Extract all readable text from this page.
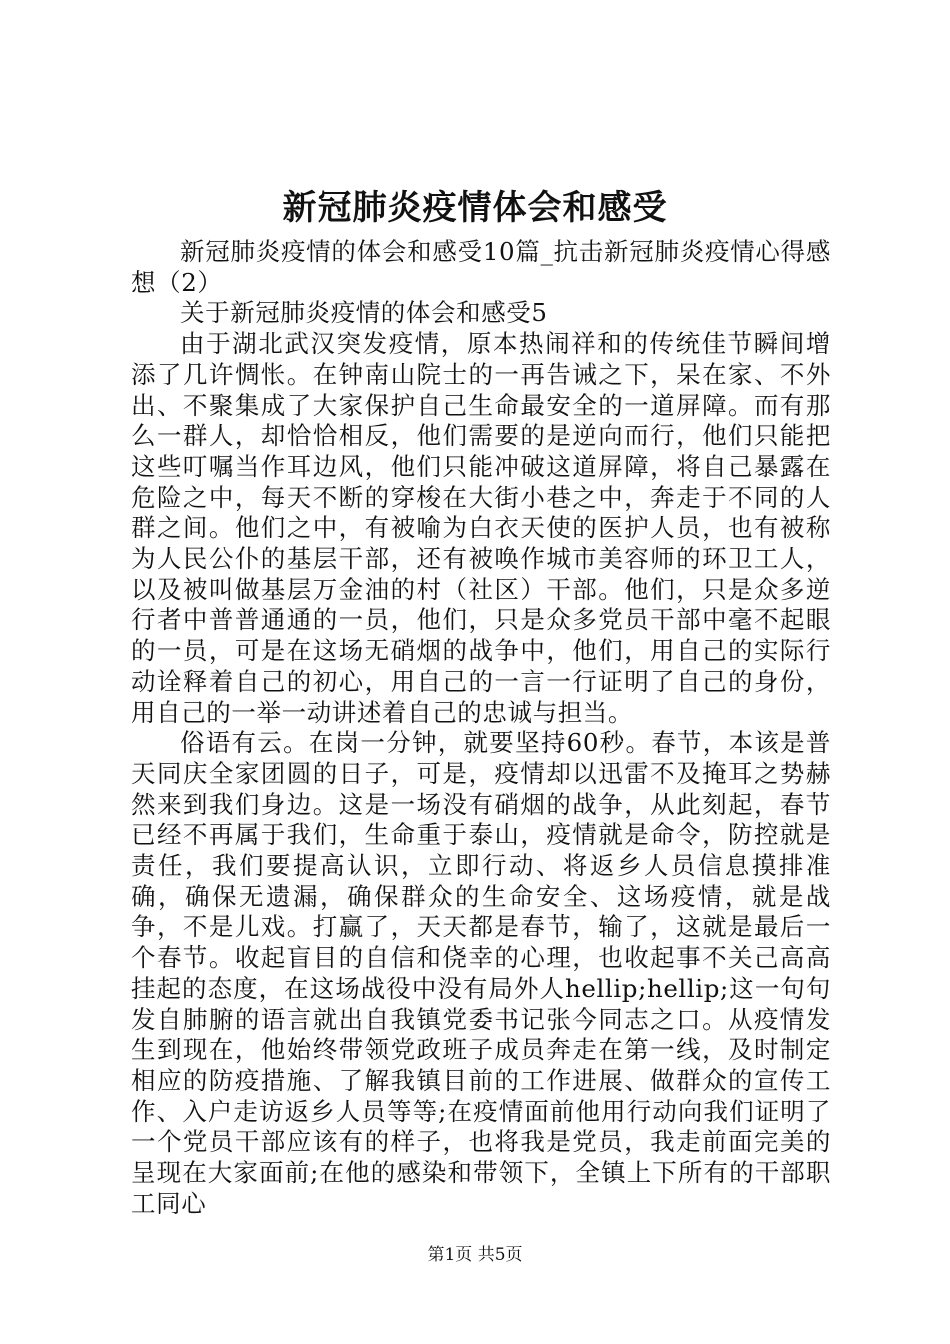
新冠肺炎疫情体会和感受

新冠肺炎疫情的体会和感受10篇_抗击新冠肺炎疫情心得感想（2）

关于新冠肺炎疫情的体会和感受5

由于湖北武汉突发疫情，原本热闹祥和的传统佳节瞬间增添了几许惆怅。在钟南山院士的一再告诫之下，呆在家、不外出、不聚集成了大家保护自己生命最安全的一道屏障。而有那么一群人，却恰恰相反，他们需要的是逆向而行，他们只能把这些叮嘱当作耳边风，他们只能冲破这道屏障，将自己暴露在危险之中，每天不断的穿梭在大街小巷之中，奔走于不同的人群之间。他们之中，有被喻为白衣天使的医护人员，也有被称为人民公仆的基层干部，还有被唤作城市美容师的环卫工人，以及被叫做基层万金油的村（社区）干部。他们，只是众多逆行者中普普通通的一员，他们，只是众多党员干部中毫不起眼的一员，可是在这场无硝烟的战争中，他们，用自己的实际行动诠释着自己的初心，用自己的一言一行证明了自己的身份，用自己的一举一动讲述着自己的忠诚与担当。

俗语有云。在岗一分钟，就要坚持60秒。春节，本该是普天同庆全家团圆的日子，可是，疫情却以迅雷不及掩耳之势赫然来到我们身边。这是一场没有硝烟的战争，从此刻起，春节已经不再属于我们，生命重于泰山，疫情就是命令，防控就是责任，我们要提高认识，立即行动、将返乡人员信息摸排准确，确保无遗漏，确保群众的生命安全、这场疫情，就是战争，不是儿戏。打赢了，天天都是春节，输了，这就是最后一个春节。收起盲目的自信和侥幸的心理，也收起事不关己高高挂起的态度，在这场战役中没有局外人hellip;hellip;这一句句发自肺腑的语言就出自我镇党委书记张今同志之口。从疫情发生到现在，他始终带领党政班子成员奔走在第一线，及时制定相应的防疫措施、了解我镇目前的工作进展、做群众的宣传工作、入户走访返乡人员等等;在疫情面前他用行动向我们证明了一个党员干部应该有的样子，也将我是党员，我走前面完美的呈现在大家面前;在他的感染和带领下，全镇上下所有的干部职工同心

第1页 共5页
